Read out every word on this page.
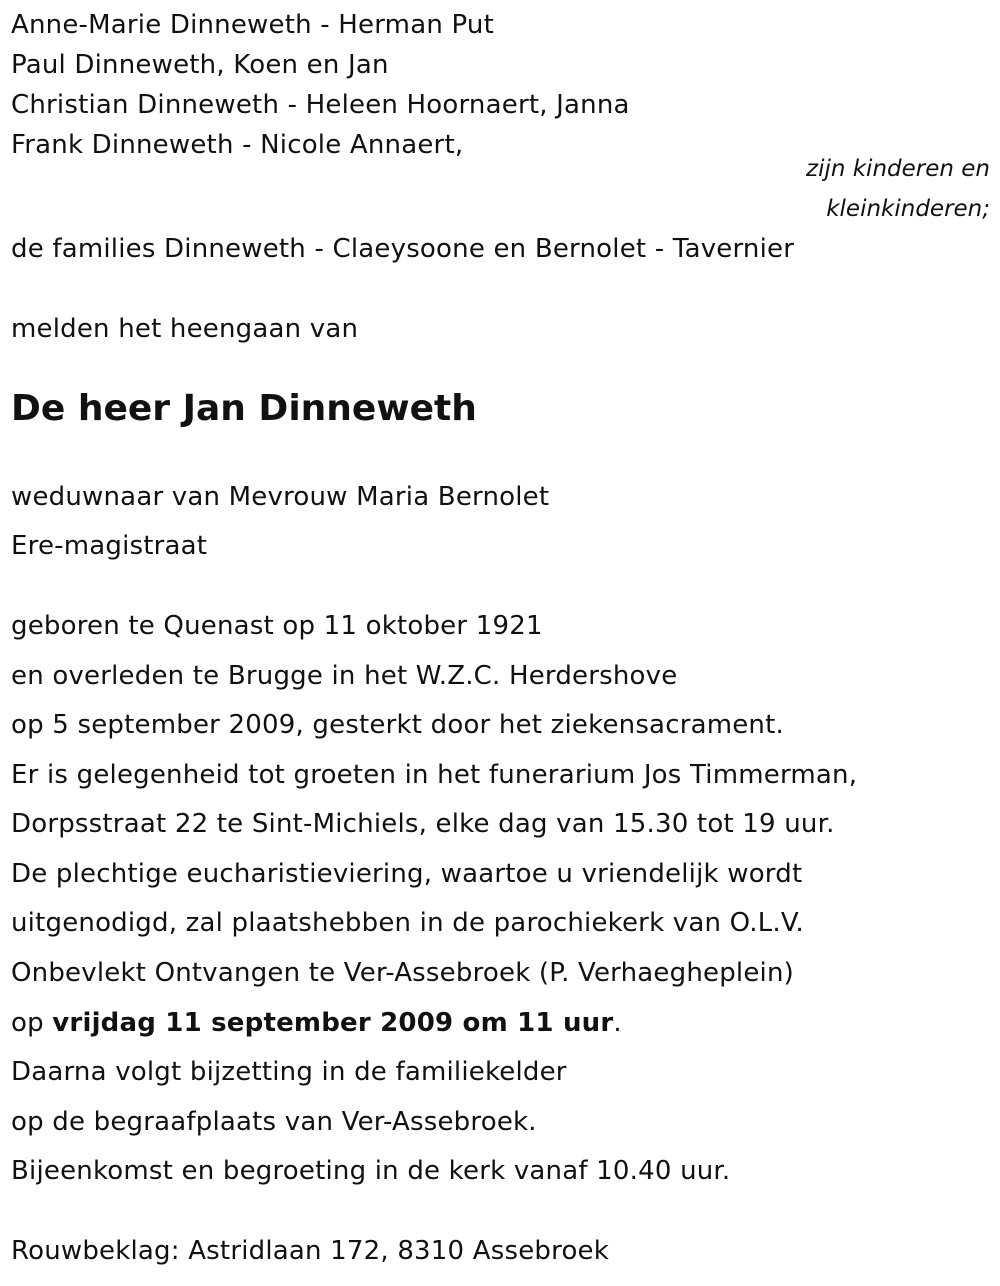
Anne-Marie Dinneweth - Herman Put
Paul Dinneweth, Koen en Jan
Christian Dinneweth - Heleen Hoornaert, Janna
Frank Dinneweth - Nicole Annaert,
zijn kinderen en
kleinkinderen;
de families Dinneweth - Claeysoone en Bernolet - Tavernier
melden het heengaan van
De heer Jan Dinneweth
weduwnaar van Mevrouw Maria Bernolet
Ere-magistraat
geboren te Quenast op 11 oktober 1921
en overleden te Brugge in het W.Z.C. Herdershove
op 5 september 2009, gesterkt door het ziekensacrament.
Er is gelegenheid tot groeten in het funerarium Jos Timmerman,
Dorpsstraat 22 te Sint-Michiels, elke dag van 15.30 tot 19 uur.
De plechtige eucharistieviering, waartoe u vriendelijk wordt
uitgenodigd, zal plaatshebben in de parochiekerk van O.L.V.
Onbevlekt Ontvangen te Ver-Assebroek (P. Verhaegheplein)
op vrijdag 11 september 2009 om 11 uur.
Daarna volgt bijzetting in de familiekelder
op de begraafplaats van Ver-Assebroek.
Bijeenkomst en begroeting in de kerk vanaf 10.40 uur.
Rouwbeklag: Astridlaan 172, 8310 Assebroek
